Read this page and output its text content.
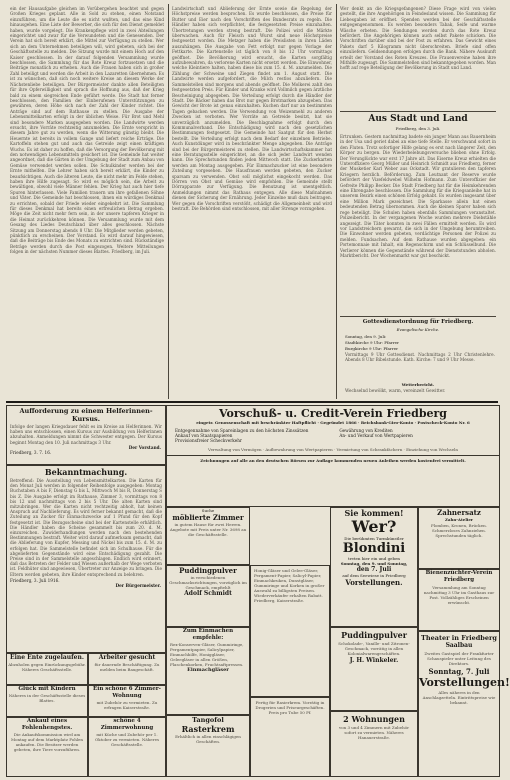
ein der Hausaufgabe gleichen im Vorübergehen beachtet und gegen Großen Krieges geplant. Alle in Sold zu stehen, einen Notstand einzuführen, um die Leute die es nicht wußten, und das eine Kind hinausgehen. Eine Liste der Bewerber, die sich für den Dienst gemeldet haben, wurde vorgelegt. Die Krankenpflege wird in zwei Abteilungen eingerichtet und zwar für die Verwundeten und die Genesenden. Der Verein hat sich bereit erklärt, die Mittel zur Verfügung zu stellen. Wer sich an dem Unternehmen beteiligen will, wird gebeten, sich bei der Geschäftsstelle zu melden. Die Sitzung wurde mit einem Hoch auf den Kaiser geschlossen. In der darauf folgenden Versammlung wurde beschlossen, die Sammlung für das Rote Kreuz fortzusetzen und die Beiträge monatlich zu erheben. Auch die Frauen haben sich in großer Zahl beteiligt und werden die Arbeit in den Lazaretten übernehmen. Es ist zu wünschen, daß sich noch weitere Kreise an diesem Werke der Nächstenliebe beteiligen. Der Bürgermeister dankte allen Beteiligten für ihre Opferwilligkeit und sprach die Hoffnung aus, daß der Krieg bald zu einem siegreichen Ende geführt werde. Die Stadt hat ferner beschlossen, den Familien der Einberufenen Unterstützungen zu gewähren, deren Höhe sich nach der Zahl der Kinder richtet. Die Anträge sind auf dem Rathause zu stellen. Die Ausgabe der Lebensmittelkarten erfolgt in der üblichen Weise. Für Brot und Mehl sind besondere Marken ausgegeben worden. Die Landwirte werden ersucht, ihre Vorräte rechtzeitig anzumelden. Die Ernte verspricht in diesem Jahre gut zu werden, wenn die Witterung günstig bleibt. Die Heuernte ist bereits in vollem Gange und liefert reiche Erträge. Die Kartoffeln stehen gut und auch das Getreide zeigt einen kräftigen Wuchs. Es ist daher zu hoffen, daß die Versorgung der Bevölkerung mit den notwendigen Lebensmitteln gesichert ist. Die Gemeinde hat weiter angeordnet, daß die Gärten in der Umgebung der Stadt zum Anbau von Gemüse verwendet werden sollen. Die Schulkinder werden bei der Ernte mithelfen. Die Lehrer haben sich bereit erklärt, die Kinder zu beaufsichtigen. Auch die älteren Leute, die nicht mehr im Felde stehen, haben ihre Hilfe zugesagt. So wird es möglich sein, die Arbeit zu bewältigen, obwohl viele Männer fehlen. Der Krieg hat auch hier tiefe Spuren hinterlassen. Viele Familien trauern um ihre gefallenen Söhne und Väter. Die Gemeinde hat beschlossen, ihnen ein würdiges Denkmal zu errichten, sobald der Friede wieder eingekehrt ist. Die Sammlung für dieses Denkmal hat bereits einen erfreulichen Betrag ergeben. Möge die Zeit nicht mehr fern sein, in der unsere tapferen Krieger in die Heimat zurückkehren können. Die Versammlung wurde mit dem Gesang des Liedes Deutschland über alles geschlossen. Nächste Sitzung am Donnerstag abends 8 Uhr. Die Mitglieder werden gebeten, pünktlich zu erscheinen. Der Vorstand. Es wird darauf hingewiesen, daß die Beiträge bis Ende des Monats zu entrichten sind. Rückständige Beträge werden durch die Post eingezogen. Weitere Mitteilungen folgen in der nächsten Nummer dieses Blattes. Friedberg, im Juli.
Landwirtschaft und Ablieferung der Ernte sowie die Regelung der Höchstpreise werden besprochen. Es wurde beschlossen, die Preise für Butter und Eier nach den Vorschriften des Bundesrats zu regeln. Die Händler haben sich verpflichtet, die festgesetzten Preise einzuhalten. Übertretungen werden streng bestraft. Die Polizei wird die Märkte überwachen. Auch für Fleisch und Wurst sind neue Höchstpreise festgesetzt worden. Die Metzger haben die Preislisten in ihren Läden auszuhängen. Die Ausgabe von Fett erfolgt nur gegen Vorlage der Fettkarte. Die Kartenstelle ist täglich von 8 bis 12 Uhr vormittags geöffnet. Die Bevölkerung wird ersucht, die Karten sorgfältig aufzubewahren, da verlorene Karten nicht ersetzt werden. Die Einwohner, welche Kleintiere halten, haben diese bis zum 15. d. M. anzumelden. Die Zählung der Schweine und Ziegen findet am 1. August statt. Die Landwirte werden aufgefordert, die Milch restlos abzuliefern. Die Sammelstellen sind morgens und abends geöffnet. Die Molkerei zahlt den festgesetzten Preis. Für Kinder und Kranke wird Vollmilch gegen ärztliche Bescheinigung abgegeben. Die Verteilung erfolgt durch die Händler der Stadt. Die Bäcker haben das Brot nur gegen Brotmarken abzugeben. Das Gewicht der Brote ist genau einzuhalten. Kuchen darf nur an bestimmten Tagen gebacken werden. Die Verwendung von Weizenmehl zu anderen Zwecken ist verboten. Wer Vorräte an Getreide besitzt, hat sie unverzüglich anzumelden. Die Beschlagnahme erfolgt durch den Kommunalverband. Die Entschädigung wird nach den gesetzlichen Bestimmungen festgesetzt. Die Gemeinde hat Saatgut für den Herbst bestellt. Die Verteilung erfolgt nach dem Bedarf der einzelnen Betriebe. Auch Kunstdünger wird in beschränkter Menge abgegeben. Die Anträge sind bei der Bürgermeisterei zu stellen. Die Landwirtschaftskammer hat eine Beratungsstelle eingerichtet, an die sich jeder Landwirt wenden kann. Die Sprechstunden finden jeden Mittwoch statt. Die Zuckerkarten werden am Montag ausgegeben. Für Einmachzucker ist eine besondere Zuteilung vorgesehen. Die Hausfrauen werden gebeten, den Zucker sparsam zu verwenden. Obst soll möglichst eingekocht werden. Das Dörren von Obst und Gemüse wird empfohlen. Die Gemeinde stellt Dörrapparate zur Verfügung. Die Benutzung ist unentgeltlich. Anmeldungen nimmt das Rathaus entgegen. Alle diese Maßnahmen dienen der Sicherung der Ernährung. Jeder Einzelne muß dazu beitragen. Wer gegen die Vorschriften verstößt, schädigt die Allgemeinheit und wird bestraft. Die Behörden sind entschlossen, mit aller Strenge vorzugehen.
Wer denkt an die Kriegsgefangenen? Diese Frage wird von vielen gestellt, die ihre Angehörigen in Feindesland wissen. Die Sammlung für Liebesgaben ist eröffnet. Spenden werden bei der Geschäftsstelle entgegengenommen. Es werden besonders Tabak, Seife und warme Wäsche erbeten. Die Sendungen werden durch das Rote Kreuz befördert. Die Angehörigen können auch selbst Pakete schicken. Die Vorschriften darüber sind bei der Post zu erfahren. Das Gewicht eines Pakets darf 5 Kilogramm nicht überschreiten. Briefe sind offen einzuliefern. Geldsendungen erfolgen durch die Bank. Nähere Auskunft erteilt der Vorstand des Roten Kreuzes. Die Frauenvereine haben ihre Mithilfe zugesagt. Die Sammelstellen sind bekanntgegeben worden. Man hofft auf rege Beteiligung der Bevölkerung in Stadt und Land.
Aus Stadt und Land
Friedberg, den 3. Juli.
Ertrunken. Gestern nachmittag badete ein junger Mann aus Bauernheim in der Usa und geriet dabei an eine tiefe Stelle. Er verschwand sofort in den Fluten. Trotz sofortiger Hilfe gelang es erst nach längerer Zeit, den Körper zu bergen. Die Wiederbelebungsversuche blieben ohne Erfolg. Der Verunglückte war erst 17 Jahre alt. Das Eiserne Kreuz erhielten die Unteroffiziere Georg Müller und Heinrich Schmidt aus Friedberg, ferner der Musketier Karl Weber aus Ockstadt. Wir gratulieren den tapferen Kriegern herzlich. Beförderung. Zum Leutnant der Reserve wurde befördert der Vizefeldwebel Wilhelm Hofmann. Zum Unteroffizier der Gefreite Philipp Becker. Die Stadt Friedberg hat für die Heimkehrenden eine Ehrengabe beschlossen. Die Sammlung für die Kriegsanleihe hat in unserem Bezirk einen schönen Erfolg gehabt. Es wurden insgesamt über eine Million Mark gezeichnet. Die Sparkasse allein hat einen bedeutenden Betrag übernommen. Auch die kleinen Sparer haben sich rege beteiligt. Die Schulen haben ebenfalls Sammlungen veranstaltet. Polizeibericht. In der vergangenen Woche wurden mehrere Diebstähle angezeigt. Die Täter konnten in zwei Fällen ermittelt werden. Es wird vor Landstreichern gewarnt, die sich in der Umgebung herumtreiben. Die Einwohner werden gebeten, verdächtige Personen der Polizei zu melden. Fundsachen. Auf dem Rathause wurden abgegeben: ein Portemonnaie mit Inhalt, ein Regenschirm und ein Schlüsselbund. Die Verlierer können die Gegenstände während der Dienststunden abholen. Marktbericht. Der Wochenmarkt war gut beschickt.
Gottesdienstordnung für Friedberg.
Evangelische Kirche.
Sonntag, den 9. Juli:
Stadtkirche 9 Uhr: Pfarrer
Burgkirche 9 Uhr: Pfarrer
Vormittags 9 Uhr Gottesdienst. Nachmittags 2 Uhr Christenlehre. Abends 8 Uhr Bibelstunde. Kath. Kirche: 7 und 9 Uhr Messe.
Wetterbericht.
Wechselnd bewölkt, warm, vereinzelt Gewitter.
Aufforderung zu einem Helferinnen-Kursus.
Infolge der langen Kriegsdauer fehlt es im Kreise an Helferinnen. Wir haben uns entschlossen, einen Kursus zur Ausbildung von Helferinnen abzuhalten. Anmeldungen nimmt die Schwester entgegen. Der Kursus beginnt Montag den 10. Juli nachmittags 3 Uhr.
Der Vorstand.
Friedberg, 3. 7. 16.
Bekanntmachung.
Betreffend: Die Ausstellung von Lebensmittelkarten. Die Karten für den Monat Juli werden in folgender Reihenfolge ausgegeben: Montag Buchstaben A bis F, Dienstag G bis L, Mittwoch M bis R, Donnerstag S bis Z. Die Ausgabe erfolgt im Rathause, Zimmer 3, vormittags von 8 bis 12 und nachmittags von 2 bis 5 Uhr. Die alten Karten sind mitzubringen. Wer die Karten nicht rechtzeitig abholt, hat keinen Anspruch auf Nachlieferung. Es wird ferner bekannt gemacht, daß die Zuteilung an Zucker für Einmachzwecke auf 1 Pfund für den Kopf festgesetzt ist. Die Bezugsscheine sind bei der Kartenstelle erhältlich. Die Händler haben die Scheine gesammelt bis zum 20. d. M. einzureichen. Zuwiderhandlungen werden nach den bestehenden Bestimmungen bestraft. Weiter wird darauf aufmerksam gemacht, daß die Ablieferung von Kupfer, Messing und Nickel bis zum 15. d. M. zu erfolgen hat. Die Sammelstelle befindet sich im Schulhause. Für die abgelieferten Gegenstände wird eine Entschädigung gezahlt. Die Preise sind in der Sammelstelle angeschlagen. Endlich wird erinnert, daß das Betreten der Felder und Wiesen außerhalb der Wege verboten ist. Feldhüter sind angewiesen, Übertreter zur Anzeige zu bringen. Die Eltern werden gebeten, ihre Kinder entsprechend zu belehren.
Friedberg, 3. Juli 1916.
Der Bürgermeister.
Eine Ente zugelaufen.
Abzuholen gegen Einrückungsgebühr. Näheres Geschäftsstelle.
Arbeiter gesucht
für dauernde Beschäftigung. Zu melden beim Baugeschäft.
Glück mit Kindern
Näheres in der Geschäftsstelle dieses Blattes.
Ein schöne 6 Zimmer-Wohnung
mit Zubehör zu vermieten. Zu erfragen Kaiserstraße.
Ankauf eines Fohlenhengstes.
Die Ankaufskommission wird am Montag auf dem Marktplatz Fohlen ankaufen. Die Besitzer werden gebeten, ihre Tiere vorzuführen.
schöne 4 Zimmerwohnung
mit Küche und Zubehör per 1. Oktober zu vermieten. Näheres Geschäftsstelle.
Vorschuß- u. Credit-Verein Friedberg
eingetr. Genossenschaft mit beschränkter Haftpflicht · Gegründet 1866 · Reichsbank-Giro-Konto · Postscheck-Konto Nr. 6
Entgegennahme von Spareinlagen zu den höchsten Zinssätzen
Ankauf von Staatspapieren
Provisionsfreier Scheckverkehr
Gewährung von Krediten
An- und Verkauf von Wertpapieren
Verwaltung von Vermögen · Aufbewahrung von Wertpapieren · Vermietung von Schrankfächern · Einziehung von Wechseln
Zeichnungen auf alle an den deutschen Börsen zur Auflage kommenden neuen Anleihen werden kostenfrei vermittelt.
Suche
möblierte Zimmer
in gutem Hause für zwei Herren. Angebote mit Preis unter Nr. 3698 an die Geschäftsstelle.
Puddingpulver
in verschiedenen Geschmacksrichtungen, vorzüglich im Geschmack, empfiehlt
Adolf Schmidt
Zum Einmachen empfehle:
Rex-Konserven-Gläser, Gummiringe, Pergamentpapier, Salicylpapier, Einmachhilfe, Honiggläser, Geleegläser in allen Größen, Flaschenkorken, Fruchtsaftpressen.
Einmachgläser
Tangofol
Rasterkrem
Erhältlich in allen einschlägigen Geschäften.
Honig-Gläser und Gelee-Gläser, Pergament-Papier, Salicyl-Papier, Einmachkruken, Dunstgläser, Gummiringe und Korken in großer Auswahl zu billigsten Preisen. Wiederverkäufer erhalten Rabatt. Friedberg, Kaiserstraße.
Fertig für Rasierkrem. Vorrätig in Drogerien und Friseurgeschäften. Preis pro Tube 50 Pf.
Sie kommen!
Wer?
Die berühmten Turmkünstler
Blondini
treten hier ein und geben
Sonntag, den 9. und Sonntag,
den 7. Juli
auf dem Seewiese in Friedberg
Vorstellungen.
Puddingpulver
Schokolade-, Vanille- und Zitronen-Geschmack, vorrätig in allen Kolonialwarengeschäften.
J. H. Winkeler.
2 Wohnungen
von 3 und 4 Zimmern mit Zubehör sofort zu vermieten. Näheres Hanauerstraße.
Zahnersatz
Zahn-Atelier
Plomben, Kronen, Brücken. Schmerzloses Zahnziehen. Sprechstunden täglich.
Bienenzüchter-Verein Friedberg
Versammlung am Sonntag nachmittag 3 Uhr im Gasthaus zur Post. Vollzähliges Erscheinen erwünscht.
Theater in Friedberg
Saalbau
Zweites Gastspiel der Frankfurter Schauspieler unter Leitung des Direktors.
Sonntag, 7. Juli
Vorstellungen!
Alles näheres in den Anschlagzetteln. Eintrittspreise wie bekannt.
